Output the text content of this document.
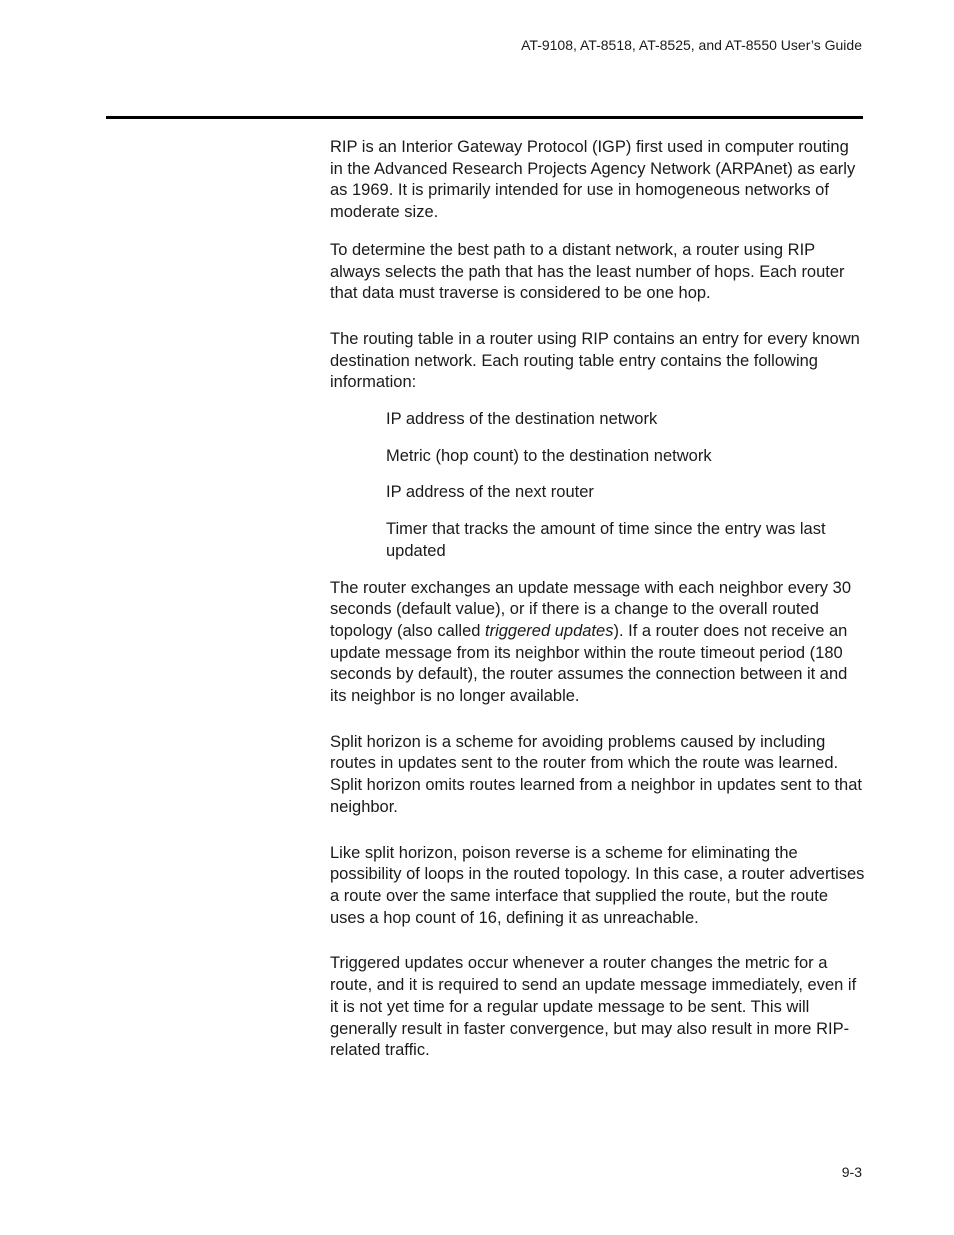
AT-9108, AT-8518, AT-8525, and AT-8550 User’s Guide

RIP is an Interior Gateway Protocol (IGP) first used in computer routing in the Advanced Research Projects Agency Network (ARPAnet) as early as 1969. It is primarily intended for use in homogeneous networks of moderate size.

To determine the best path to a distant network, a router using RIP always selects the path that has the least number of hops. Each router that data must traverse is considered to be one hop.

The routing table in a router using RIP contains an entry for every known destination network. Each routing table entry contains the following information:

IP address of the destination network
Metric (hop count) to the destination network
IP address of the next router
Timer that tracks the amount of time since the entry was last updated

The router exchanges an update message with each neighbor every 30 seconds (default value), or if there is a change to the overall routed topology (also called triggered updates). If a router does not receive an update message from its neighbor within the route timeout period (180 seconds by default), the router assumes the connection between it and its neighbor is no longer available.

Split horizon is a scheme for avoiding problems caused by including routes in updates sent to the router from which the route was learned. Split horizon omits routes learned from a neighbor in updates sent to that neighbor.

Like split horizon, poison reverse is a scheme for eliminating the possibility of loops in the routed topology. In this case, a router advertises a route over the same interface that supplied the route, but the route uses a hop count of 16, defining it as unreachable.

Triggered updates occur whenever a router changes the metric for a route, and it is required to send an update message immediately, even if it is not yet time for a regular update message to be sent. This will generally result in faster convergence, but may also result in more RIP-related traffic.

9-3
